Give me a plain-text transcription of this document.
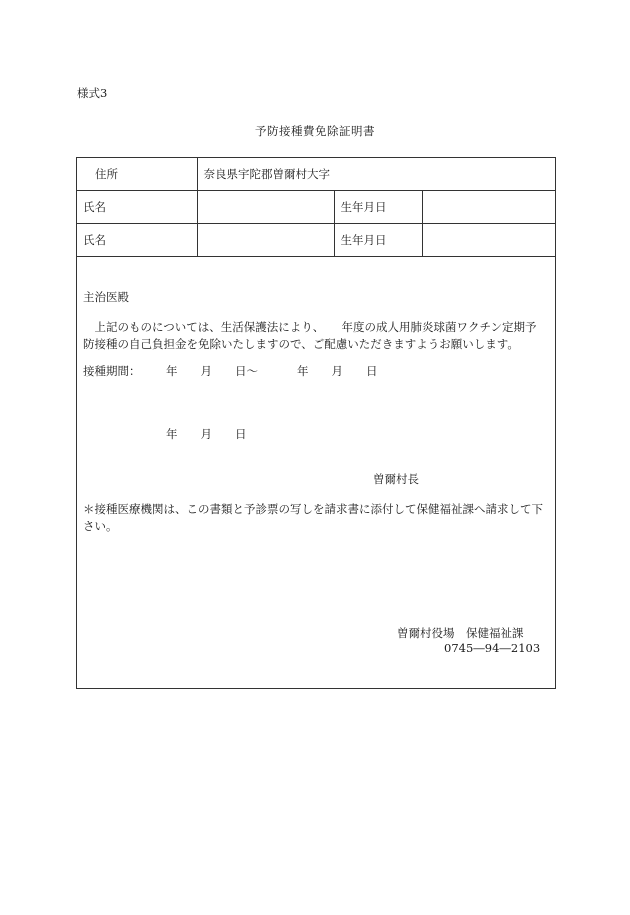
様式3
予防接種費免除証明書
住所	奈良県宇陀郡曽爾村大字		
氏名		生年月日	
氏名		生年月日	
主治医殿
　上記のものについては、生活保護法により、　　年度の成人用肺炎球菌ワクチン定期予
防接種の自己負担金を免除いたしますので、ご配慮いただきますようお願いします。
接種期間： 年　　月　　日～	年　　月　　日
年　　月　　日
曽爾村長
＊接種医療機関は、この書類と予診票の写しを請求書に添付して保健福祉課へ請求して下
さい。
曽爾村役場　保健福祉課
0745―94―2103
